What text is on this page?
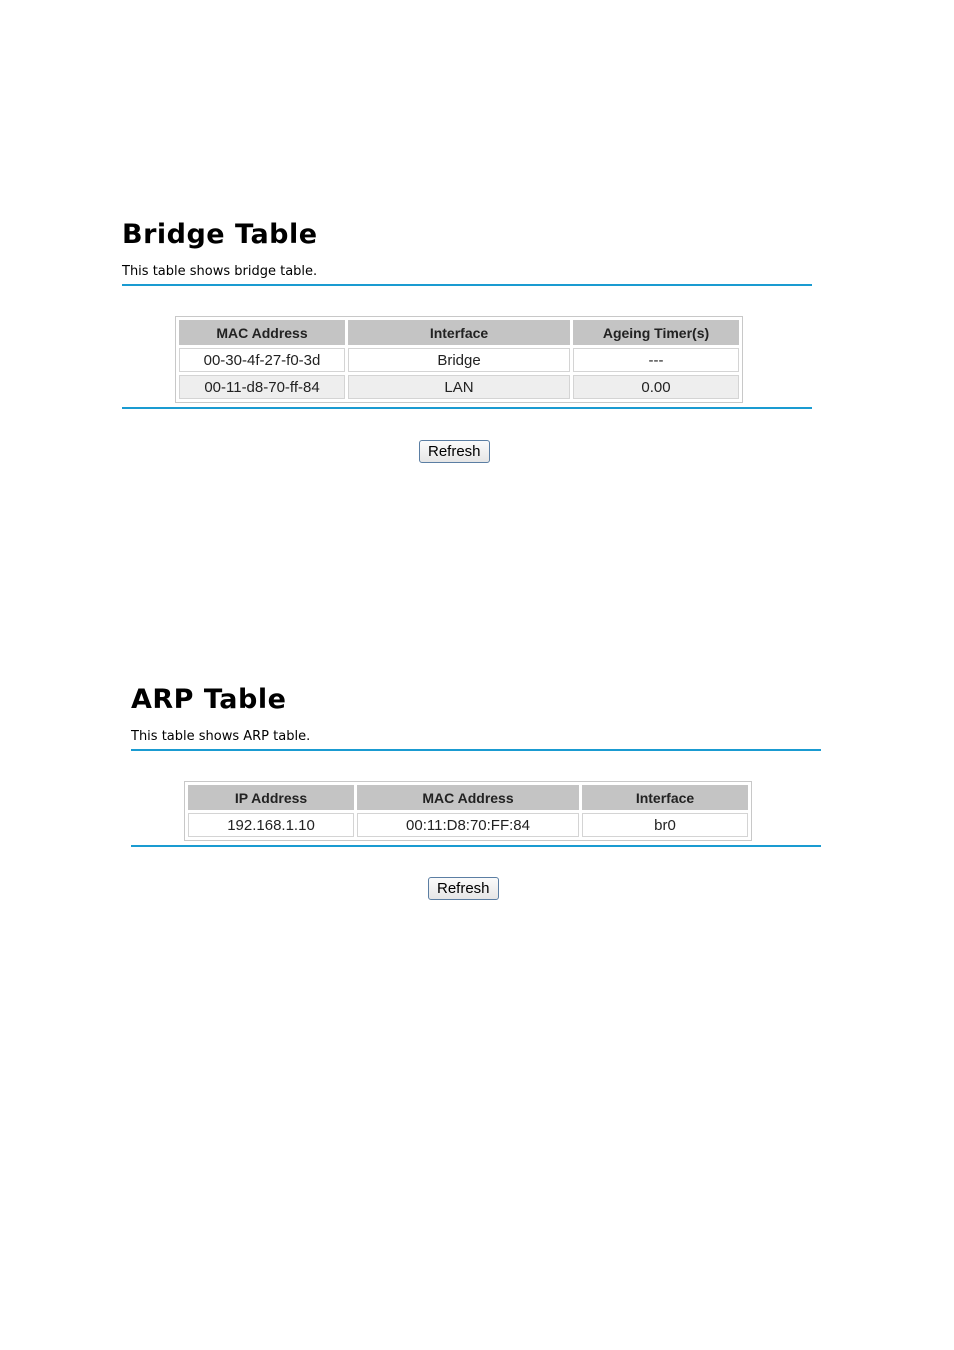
Bridge Table
This table shows bridge table.
MAC Address	Interface	Ageing Timer(s)
00-30-4f-27-f0-3d	Bridge	---
00-11-d8-70-ff-84	LAN	0.00
Refresh
ARP Table
This table shows ARP table.
IP Address	MAC Address	Interface
192.168.1.10	00:11:D8:70:FF:84	br0
Refresh
